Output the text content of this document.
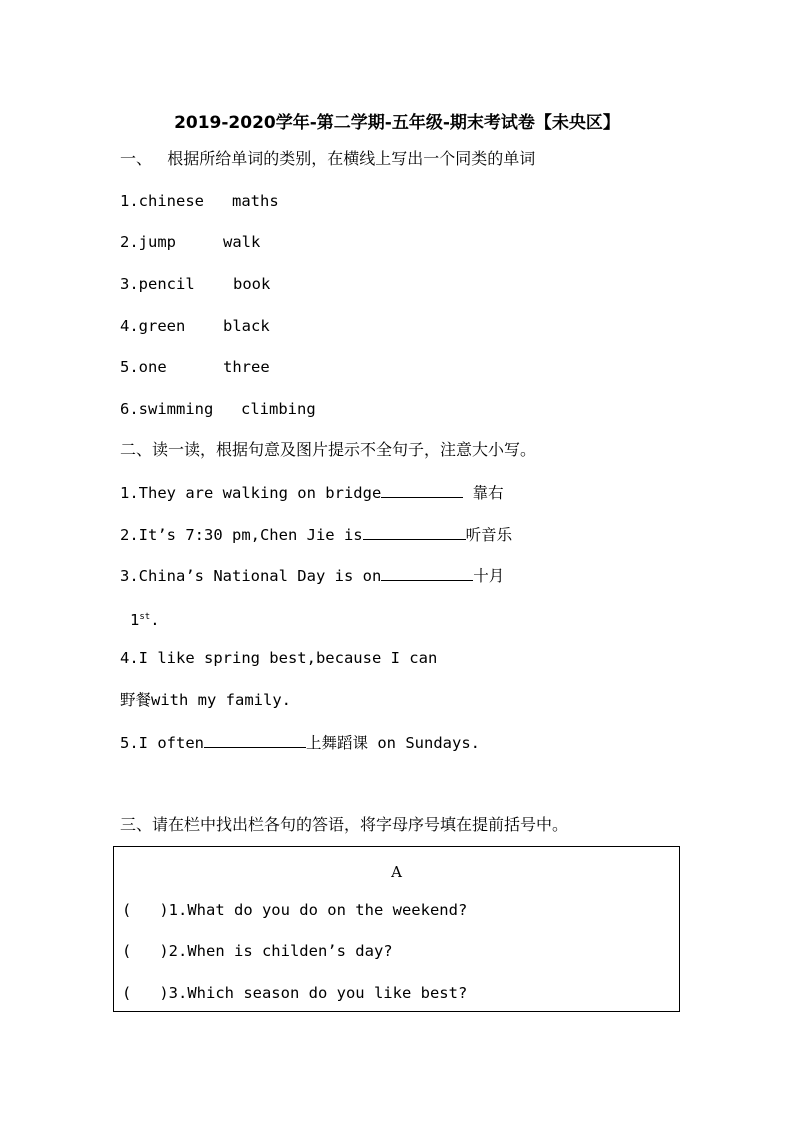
2019-2020学年-第二学期-五年级-期末考试卷【未央区】
一、   根据所给单词的类别，在横线上写出一个同类的单词
1.chinese maths
2.jump	walk
3.pencil book
4.green black
5.one	three
6.swimming climbing
二、读一读，根据句意及图片提示不全句子，注意大小写。
1.They are walking on bridge	靠右
2.It’s 7:30 pm,Chen Jie is	听音乐
3.China’s National Day is on	十月
1st.
4.I like spring best,because I can
野餐with my family.
5.I often	上舞蹈课 on Sundays.
三、请在栏中找出栏各句的答语，将字母序号填在提前括号中。
A
(   )1.What do you do on the weekend?
(   )2.When is childen’s day?
(   )3.Which season do you like best?
